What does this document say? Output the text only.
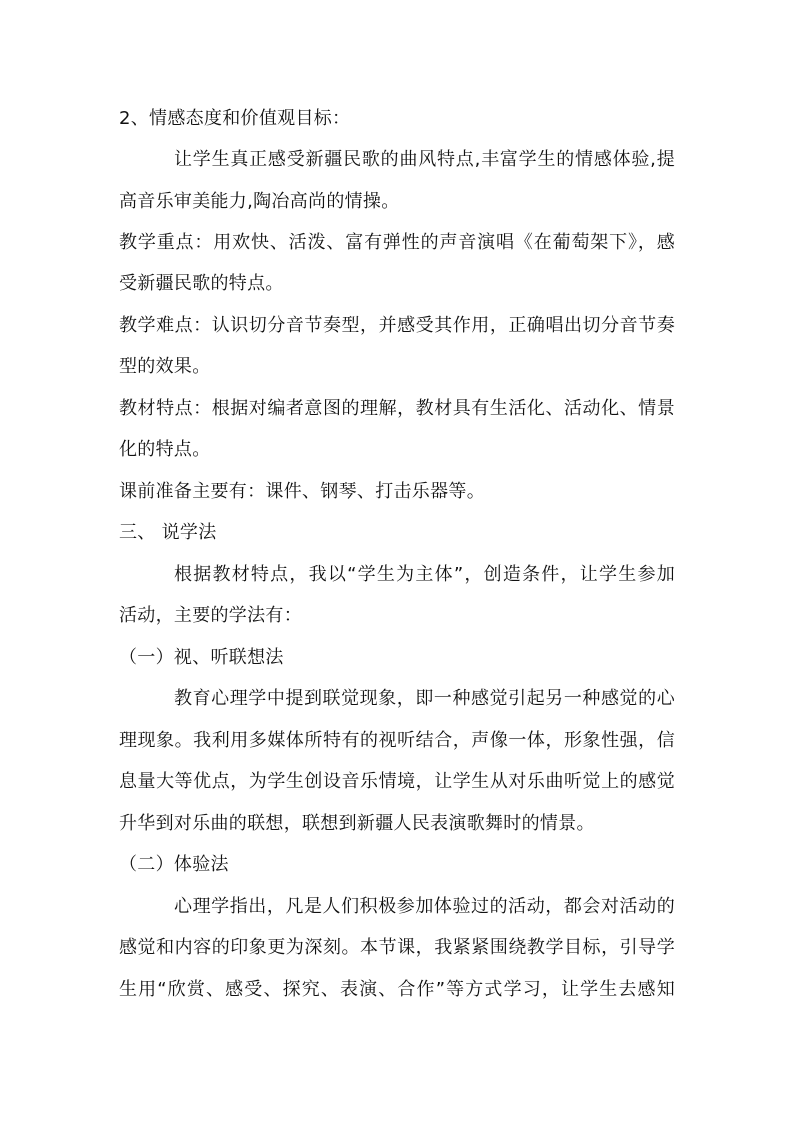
2、情感态度和价值观目标：
让学生真正感受新疆民歌的曲风特点,丰富学生的情感体验,提
高音乐审美能力,陶冶高尚的情操。
教学重点：用欢快、活泼、富有弹性的声音演唱《在葡萄架下》，感
受新疆民歌的特点。
教学难点：认识切分音节奏型，并感受其作用，正确唱出切分音节奏
型的效果。
教材特点：根据对编者意图的理解，教材具有生活化、活动化、情景
化的特点。
课前准备主要有：课件、钢琴、打击乐器等。
三、 说学法
根据教材特点，我以“学生为主体”，创造条件，让学生参加
活动，主要的学法有：
（一）视、听联想法
教育心理学中提到联觉现象，即一种感觉引起另一种感觉的心
理现象。我利用多媒体所特有的视听结合，声像一体，形象性强，信
息量大等优点，为学生创设音乐情境，让学生从对乐曲听觉上的感觉
升华到对乐曲的联想，联想到新疆人民表演歌舞时的情景。
（二）体验法
心理学指出，凡是人们积极参加体验过的活动，都会对活动的
感觉和内容的印象更为深刻。本节课，我紧紧围绕教学目标，引导学
生用“欣赏、感受、探究、表演、合作”等方式学习，让学生去感知
